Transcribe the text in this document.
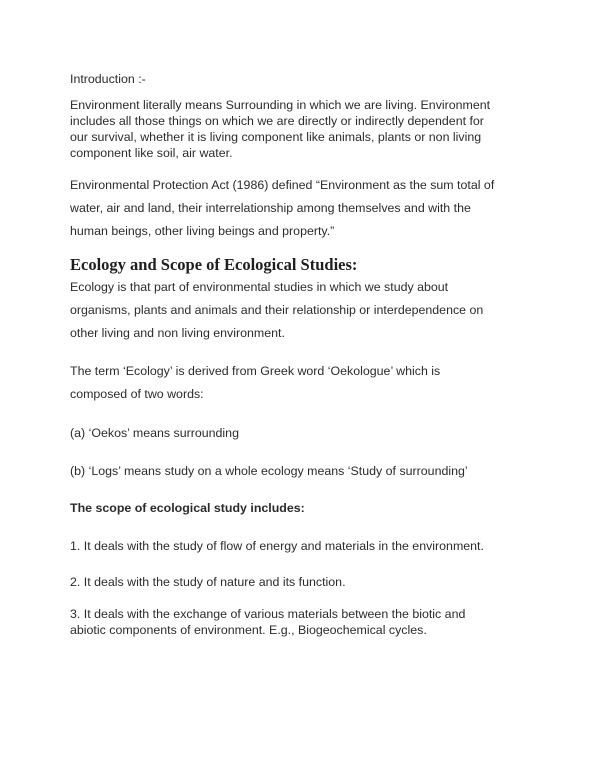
Introduction :-

Environment literally means Surrounding in which we are living. Environment
includes all those things on which we are directly or indirectly dependent for
our survival, whether it is living component like animals, plants or non living
component like soil, air water.

Environmental Protection Act (1986) defined “Environment as the sum total of
water, air and land, their interrelationship among themselves and with the
human beings, other living beings and property.”

Ecology and Scope of Ecological Studies:

Ecology is that part of environmental studies in which we study about
organisms, plants and animals and their relationship or interdependence on
other living and non living environment.

The term ‘Ecology’ is derived from Greek word ‘Oekologue’ which is
composed of two words:

(a) ‘Oekos’ means surrounding

(b) ‘Logs’ means study on a whole ecology means ‘Study of surrounding’

The scope of ecological study includes:

1. It deals with the study of flow of energy and materials in the environment.

2. It deals with the study of nature and its function.

3. It deals with the exchange of various materials between the biotic and
abiotic components of environment. E.g., Biogeochemical cycles.
